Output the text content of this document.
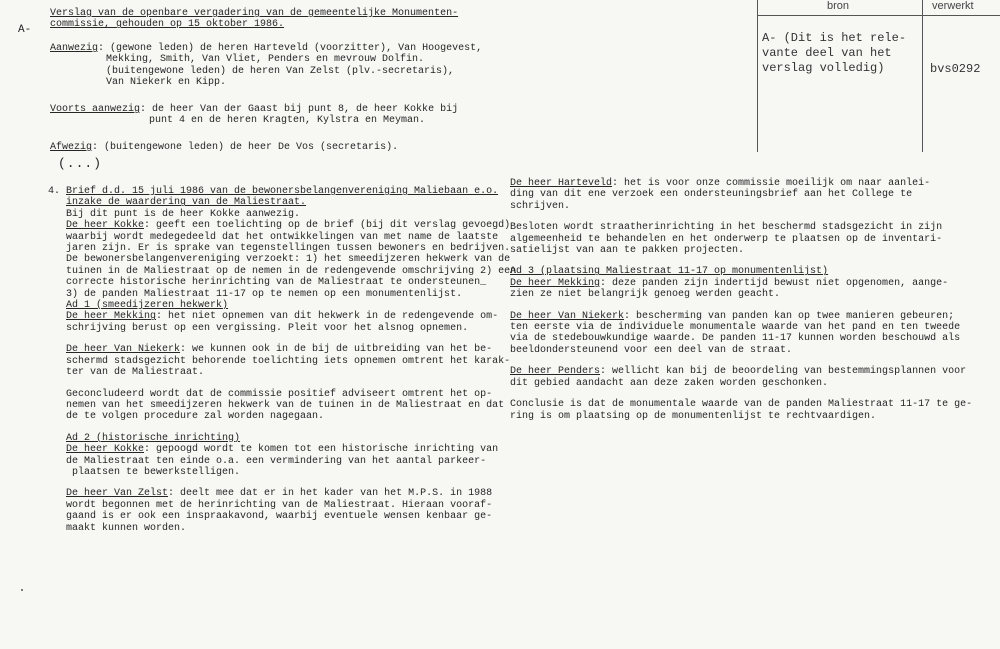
bron	verwerkt
A- (Dit is het rele-
vante deel van het
verslag volledig)	bvs0292
A-
Verslag van de openbare vergadering van de gemeentelijke Monumenten-
commissie, gehouden op 15 oktober 1986.
Aanwezig: (gewone leden) de heren Harteveld (voorzitter), Van Hoogevest,
Mekking, Smith, Van Vliet, Penders en mevrouw Dolfin.
(buitengewone leden) de heren Van Zelst (plv.-secretaris),
Van Niekerk en Kipp.
Voorts aanwezig: de heer Van der Gaast bij punt 8, de heer Kokke bij
punt 4 en de heren Kragten, Kylstra en Meyman.
Afwezig: (buitengewone leden) de heer De Vos (secretaris).
(...)
4. Brief d.d. 15 juli 1986 van de bewonersbelangenvereniging Maliebaan e.o.
inzake de waardering van de Maliestraat.
Bij dit punt is de heer Kokke aanwezig.
De heer Kokke: geeft een toelichting op de brief (bij dit verslag gevoegd)
waarbij wordt medegedeeld dat het ontwikkelingen van met name de laatste
jaren zijn. Er is sprake van tegenstellingen tussen bewoners en bedrijven.
De bewonersbelangenvereniging verzoekt: 1) het smeedijzeren hekwerk van de
tuinen in de Maliestraat op de nemen in de redengevende omschrijving 2) een
correcte historische herinrichting van de Maliestraat te ondersteunen_
3) de panden Maliestraat 11-17 op te nemen op een monumentenlijst.
Ad 1 (smeedijzeren hekwerk)
De heer Mekking: het niet opnemen van dit hekwerk in de redengevende om-
schrijving berust op een vergissing. Pleit voor het alsnog opnemen.
De heer Van Niekerk: we kunnen ook in de bij de uitbreiding van het be-
schermd stadsgezicht behorende toelichting iets opnemen omtrent het karak-
ter van de Maliestraat.
Geconcludeerd wordt dat de commissie positief adviseert omtrent het op-
nemen van het smeedijzeren hekwerk van de tuinen in de Maliestraat en dat
de te volgen procedure zal worden nagegaan.
Ad 2 (historische inrichting)
De heer Kokke: gepoogd wordt te komen tot een historische inrichting van
de Maliestraat ten einde o.a. een vermindering van het aantal parkeer-
plaatsen te bewerkstelligen.
De heer Van Zelst: deelt mee dat er in het kader van het M.P.S. in 1988
wordt begonnen met de herinrichting van de Maliestraat. Hieraan vooraf-
gaand is er ook een inspraakavond, waarbij eventuele wensen kenbaar ge-
maakt kunnen worden.
De heer Harteveld: het is voor onze commissie moeilijk om naar aanlei-
ding van dit ene verzoek een ondersteuningsbrief aan het College te
schrijven.
Besloten wordt straatherinrichting in het beschermd stadsgezicht in zijn
algemeenheid te behandelen en het onderwerp te plaatsen op de inventari-
satielijst van aan te pakken projecten.
Ad 3 (plaatsing Maliestraat 11-17 op monumentenlijst)
De heer Mekking: deze panden zijn indertijd bewust niet opgenomen, aange-
zien ze niet belangrijk genoeg werden geacht.
De heer Van Niekerk: bescherming van panden kan op twee manieren gebeuren;
ten eerste via de individuele monumentale waarde van het pand en ten tweede
via de stedebouwkundige waarde. De panden 11-17 kunnen worden beschouwd als
beeldondersteunend voor een deel van de straat.
De heer Penders: wellicht kan bij de beoordeling van bestemmingsplannen voor
dit gebied aandacht aan deze zaken worden geschonken.
Conclusie is dat de monumentale waarde van de panden Maliestraat 11-17 te ge-
ring is om plaatsing op de monumentenlijst te rechtvaardigen.
